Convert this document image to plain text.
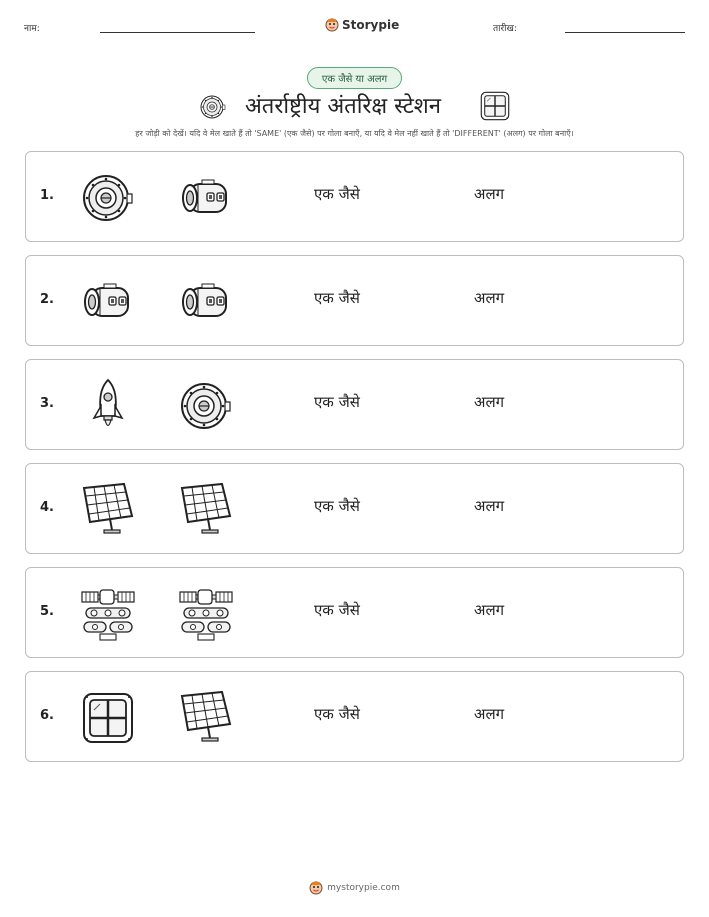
नाम:	Storypie	तारीख:
एक जैसे या अलग
अंतर्राष्ट्रीय अंतरिक्ष स्टेशन
हर जोड़ी को देखें। यदि वे मेल खाते हैं तो 'SAME' (एक जैसे) पर गोला बनाएँ, या यदि वे मेल नहीं खाते हैं तो 'DIFFERENT' (अलग) पर गोला बनाएँ।
1.	एक जैसे	अलग
2.	एक जैसे	अलग
3.	एक जैसे	अलग
4.	एक जैसे	अलग
5.	एक जैसे	अलग
6.	एक जैसे	अलग
mystorypie.com
